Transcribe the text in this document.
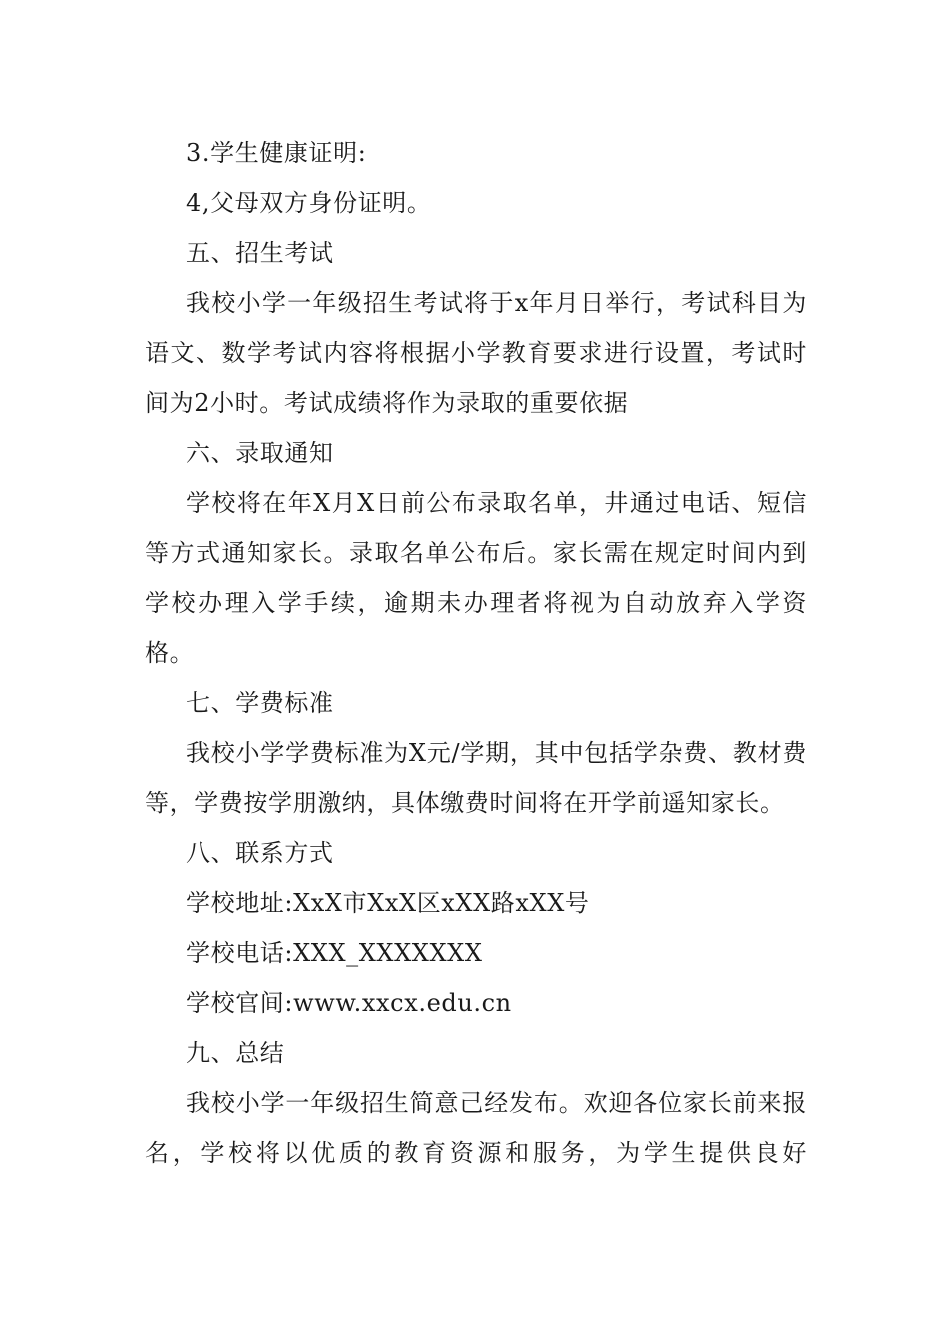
3.学生健康证明:
4,父母双方身份证明。
五、招生考试
我校小学一年级招生考试将于x年月日举行，考试科目为语文、数学考试内容将根据小学教育要求进行设置，考试时间为2小时。考试成绩将作为录取的重要依据
六、录取通知
学校将在年X月X日前公布录取名单，井通过电话、短信等方式通知家长。录取名单公布后。家长需在规定时间内到学校办理入学手续，逾期未办理者将视为自动放弃入学资格。
七、学费标准
我校小学学费标准为X元/学期，其中包括学杂费、教材费等，学费按学朋激纳，具体缴费时间将在开学前遥知家长。
八、联系方式
学校地址:XxX市XxX区xXX路xXX号
学校电话:XXX_XXXXXXX
学校官间:www.xxcx.edu.cn
九、总结
我校小学一年级招生简意己经发布。欢迎各位家长前来报名，学校将以优质的教育资源和服务，为学生提供良好
